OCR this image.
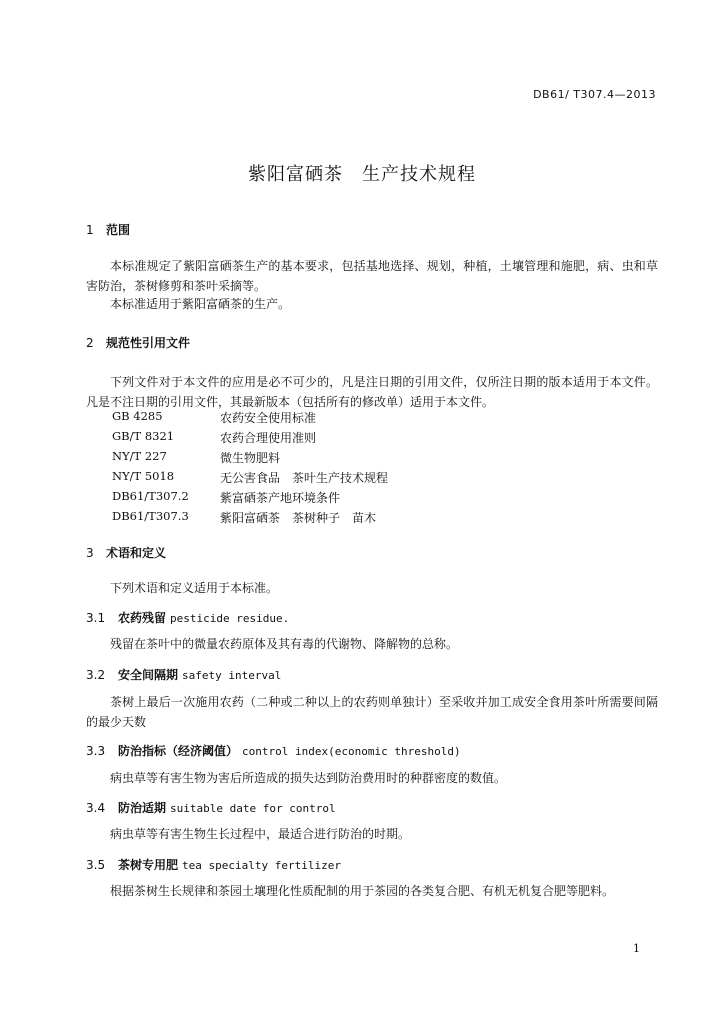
DB61/ T307.4—2013
紫阳富硒茶　生产技术规程
1 范围
本标准规定了紫阳富硒茶生产的基本要求，包括基地选择、规划，种植，土壤管理和施肥，病、虫和草害防治，茶树修剪和茶叶采摘等。
本标准适用于紫阳富硒茶的生产。
2 规范性引用文件
下列文件对于本文件的应用是必不可少的，凡是注日期的引用文件，仅所注日期的版本适用于本文件。凡是不注日期的引用文件，其最新版本（包括所有的修改单）适用于本文件。
GB 4285	农药安全使用标准
GB/T 8321	农药合理使用准则
NY/T 227	微生物肥料
NY/T 5018	无公害食品　茶叶生产技术规程
DB61/T307.2	紫富硒茶产地环境条件
DB61/T307.3	紫阳富硒茶　茶树种子　苗木
3 术语和定义
下列术语和定义适用于本标准。
3.1 农药残留 pesticide residue.
残留在茶叶中的微量农药原体及其有毒的代谢物、降解物的总称。
3.2 安全间隔期 safety interval
茶树上最后一次施用农药（二种或二种以上的农药则单独计）至采收并加工成安全食用茶叶所需要间隔的最少天数
3.3 防治指标（经济阈值） control index(economic threshold)
病虫草等有害生物为害后所造成的损失达到防治费用时的种群密度的数值。
3.4 防治适期 suitable date for control
病虫草等有害生物生长过程中，最适合进行防治的时期。
3.5 茶树专用肥 tea specialty fertilizer
根据茶树生长规律和茶园土壤理化性质配制的用于茶园的各类复合肥、有机无机复合肥等肥料。
1
